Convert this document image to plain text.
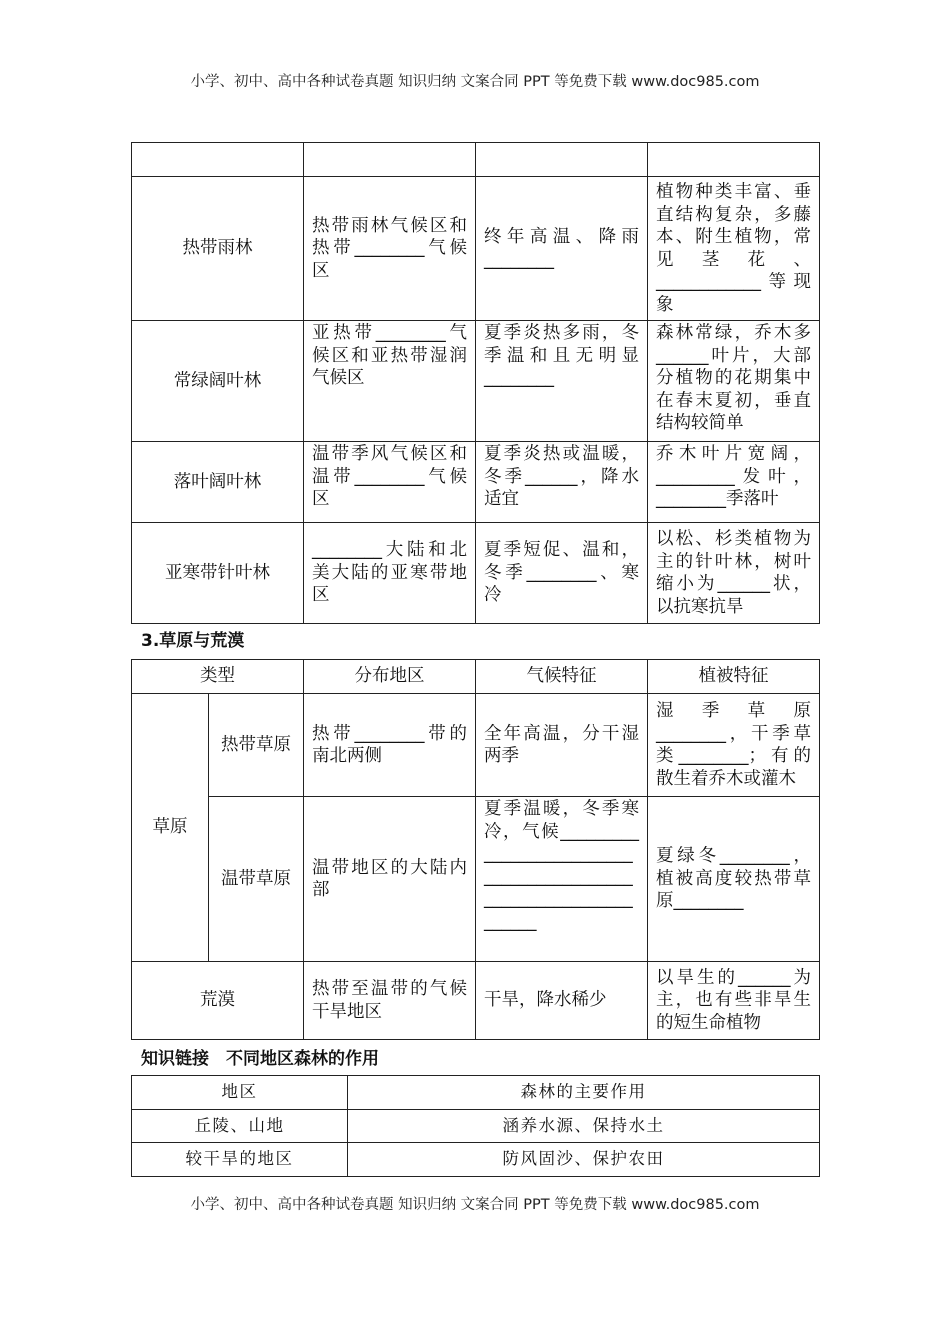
小学、初中、高中各种试卷真题 知识归纳 文案合同 PPT 等免费下载 www.doc985.com

热带雨林	热带雨林气候区和热带________气候区	终年高温、降雨________	植物种类丰富、垂直结构复杂，多藤本、附生植物，常见茎花、____________等现象
常绿阔叶林	亚热带________气候区和亚热带湿润气候区	夏季炎热多雨，冬季温和且无明显________	森林常绿，乔木多______叶片，大部分植物的花期集中在春末夏初，垂直结构较简单
落叶阔叶林	温带季风气候区和温带________气候区	夏季炎热或温暖，冬季______，降水适宜	乔木叶片宽阔，_________发叶，________季落叶
亚寒带针叶林	________大陆和北美大陆的亚寒带地区	夏季短促、温和，冬季________、寒冷	以松、杉类植物为主的针叶林，树叶缩小为______状，以抗寒抗旱
3.草原与荒漠
类型		分布地区	气候特征	植被特征
草原	热带草原	热带________带的南北两侧	全年高温，分干湿两季	湿季草原________，干季草类________；有的散生着乔木或灌木
	温带草原	温带地区的大陆内部	夏季温暖，冬季寒冷，气候__________________________________________________________________	夏绿冬________，植被高度较热带草原________
荒漠		热带至温带的气候干旱地区	干旱，降水稀少	以旱生的______为主，也有些非旱生的短生命植物
知识链接　不同地区森林的作用
地区	森林的主要作用
丘陵、山地	涵养水源、保持水土
较干旱的地区	防风固沙、保护农田
小学、初中、高中各种试卷真题 知识归纳 文案合同 PPT 等免费下载 www.doc985.com
